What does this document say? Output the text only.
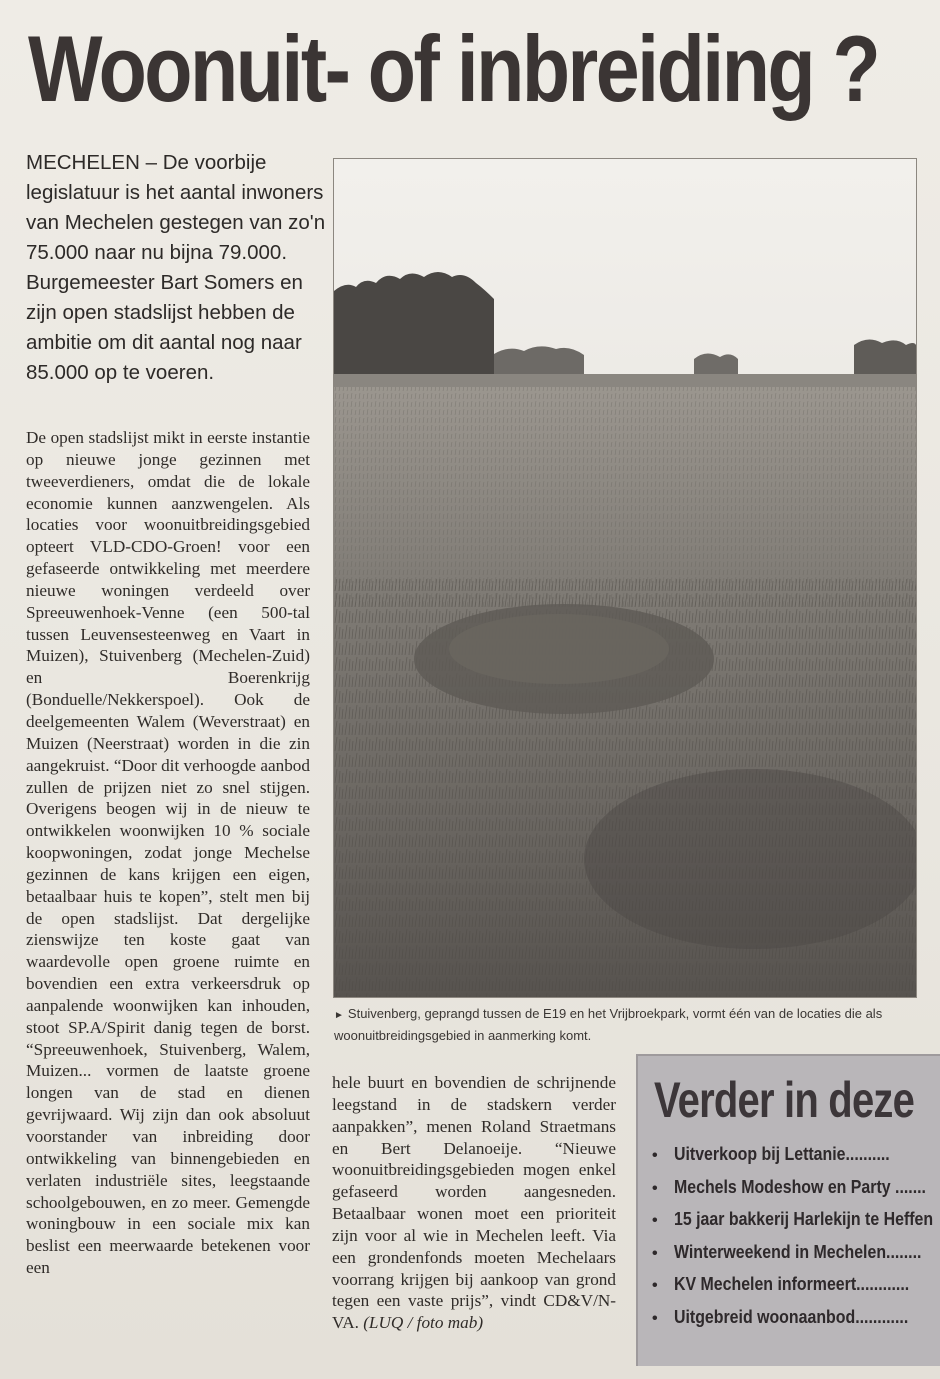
Woonuit- of inbreiding ?
MECHELEN – De voorbije legislatuur is het aantal inwoners van Mechelen gestegen van zo'n 75.000 naar nu bijna 79.000. Burgemeester Bart Somers en zijn open stadslijst hebben de ambitie om dit aantal nog naar 85.000 op te voeren.
De open stadslijst mikt in eerste instantie op nieuwe jonge gezinnen met tweeverdieners, omdat die de lokale economie kunnen aanzwengelen. Als locaties voor woonuitbreidingsgebied opteert VLD-CDO-Groen! voor een gefaseerde ontwikkeling met meerdere nieuwe woningen verdeeld over Spreeuwenhoek-Venne (een 500-tal tussen Leuvensesteenweg en Vaart in Muizen), Stuivenberg (Mechelen-Zuid) en Boerenkrijg (Bonduelle/Nekkerspoel). Ook de deelgemeenten Walem (Weverstraat) en Muizen (Neerstraat) worden in die zin aangekruist. “Door dit verhoogde aanbod zullen de prijzen niet zo snel stijgen. Overigens beogen wij in de nieuw te ontwikkelen woonwijken 10 % sociale koopwoningen, zodat jonge Mechelse gezinnen de kans krijgen een eigen, betaalbaar huis te kopen”, stelt men bij de open stadslijst. Dat dergelijke zienswijze ten koste gaat van waardevolle open groene ruimte en bovendien een extra verkeersdruk op aanpalende woonwijken kan inhouden, stoot SP.A/Spirit danig tegen de borst. “Spreeuwenhoek, Stuivenberg, Walem, Muizen... vormen de laatste groene longen van de stad en dienen gevrijwaard. Wij zijn dan ook absoluut voorstander van inbreiding door ontwikkeling van binnengebieden en verlaten industriële sites, leegstaande schoolgebouwen, en zo meer. Gemengde woningbouw in een sociale mix kan beslist een meerwaarde betekenen voor een
► Stuivenberg, geprangd tussen de E19 en het Vrijbroekpark, vormt één van de locaties die als woonuitbreidingsgebied in aanmerking komt.
hele buurt en bovendien de schrijnende leegstand in de stadskern verder aanpakken”, menen Roland Straetmans en Bert Delanoeije. “Nieuwe woonuitbreidingsgebieden mogen enkel gefaseerd worden aangesneden. Betaalbaar wonen moet een prioriteit zijn voor al wie in Mechelen leeft. Via een grondenfonds moeten Mechelaars voorrang krijgen bij aankoop van grond tegen een vaste prijs”, vindt CD&V/N-VA. (LUQ / foto mab)
Verder in deze
• Uitverkoop bij Lettanie..........
• Mechels Modeshow en Party .......
• 15 jaar bakkerij Harlekijn te Heffen
• Winterweekend in Mechelen........
• KV Mechelen informeert............
• Uitgebreid woonaanbod............
